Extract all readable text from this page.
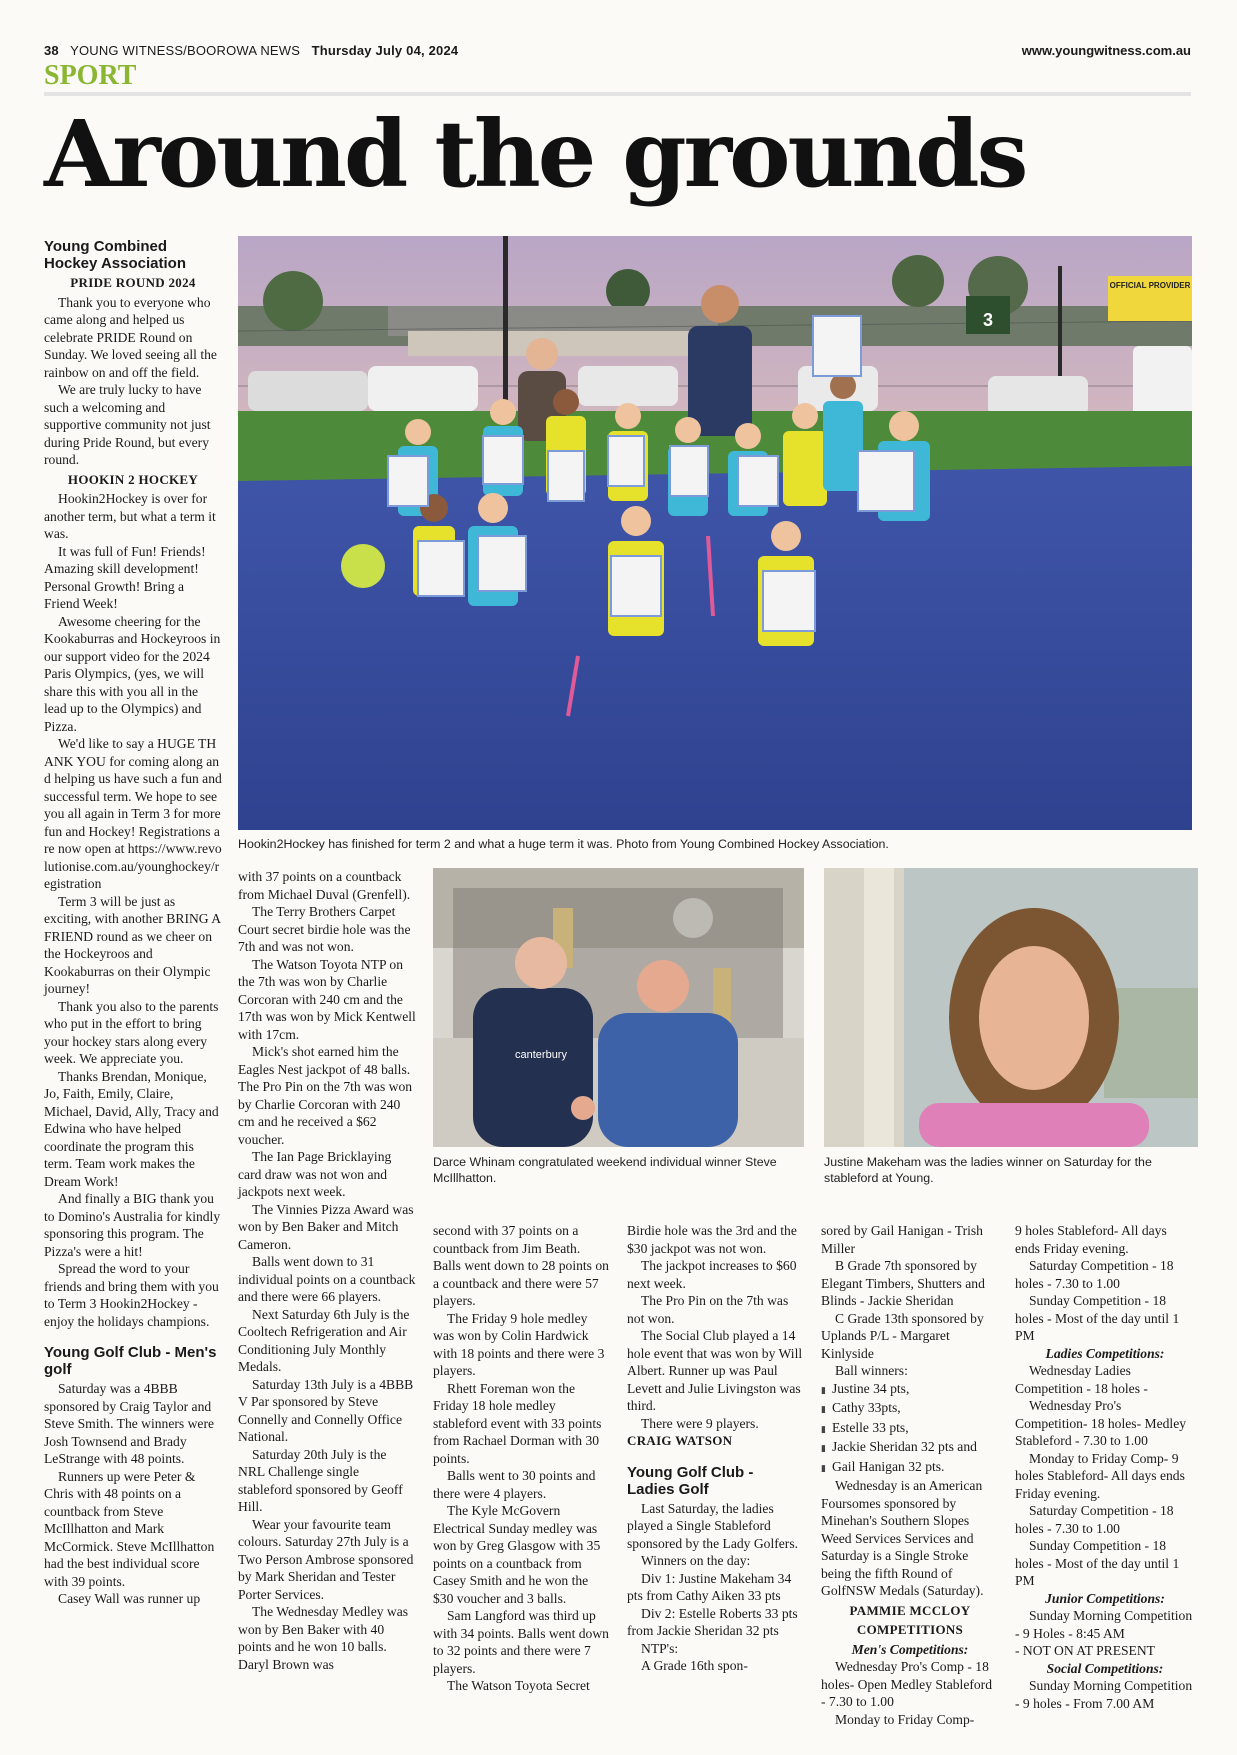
38 YOUNG WITNESS/BOOROWA NEWS Thursday July 04, 2024	www.youngwitness.com.au
SPORT
Around the grounds
3
OFFICIAL PROVIDER
Hookin2Hockey has finished for term 2 and what a huge term it was. Photo from Young Combined Hockey Association.
canterbury
Darce Whinam congratulated weekend individual winner Steve McIllhatton.
Justine Makeham was the ladies winner on Saturday for the stableford at Young.
Young Combined Hockey Association
PRIDE ROUND 2024

Thank you to everyone who came along and helped us celebrate PRIDE Round on Sunday. We loved seeing all the rainbow on and off the field.

We are truly lucky to have such a welcoming and supportive community not just during Pride Round, but every round.

HOOKIN 2 HOCKEY

Hookin2Hockey is over for another term, but what a term it was.

It was full of Fun! Friends! Amazing skill development! Personal Growth! Bring a Friend Week!

Awesome cheering for the Kookaburras and Hockeyroos in our support video for the 2024 Paris Olympics, (yes, we will share this with you all in the lead up to the Olympics) and Pizza.

We'd like to say a HUGE THANK YOU for coming along and helping us have such a fun and successful term. We hope to see you all again in Term 3 for more fun and Hockey! Registrations are now open at https://www.revolutionise.com.au/younghockey/registration

Term 3 will be just as exciting, with another BRING A FRIEND round as we cheer on the Hockeyroos and Kookaburras on their Olympic journey!

Thank you also to the parents who put in the effort to bring your hockey stars along every week. We appreciate you.

Thanks Brendan, Monique, Jo, Faith, Emily, Claire, Michael, David, Ally, Tracy and Edwina who have helped coordinate the program this term. Team work makes the Dream Work!

And finally a BIG thank you to Domino's Australia for kindly sponsoring this program. The Pizza's were a hit!

Spread the word to your friends and bring them with you to Term 3 Hookin2Hockey - enjoy the holidays champions.

Young Golf Club - Men's golf

Saturday was a 4BBB sponsored by Craig Taylor and Steve Smith. The winners were Josh Townsend and Brady LeStrange with 48 points.

Runners up were Peter & Chris with 48 points on a countback from Steve McIllhatton and Mark McCormick. Steve McIllhatton had the best individual score with 39 points.

Casey Wall was runner up

with 37 points on a countback from Michael Duval (Grenfell).

The Terry Brothers Carpet Court secret birdie hole was the 7th and was not won.

The Watson Toyota NTP on the 7th was won by Charlie Corcoran with 240 cm and the 17th was won by Mick Kentwell with 17cm.

Mick's shot earned him the Eagles Nest jackpot of 48 balls. The Pro Pin on the 7th was won by Charlie Corcoran with 240 cm and he received a $62 voucher.

The Ian Page Bricklaying card draw was not won and jackpots next week.

The Vinnies Pizza Award was won by Ben Baker and Mitch Cameron.

Balls went down to 31 individual points on a countback and there were 66 players.

Next Saturday 6th July is the Cooltech Refrigeration and Air Conditioning July Monthly Medals.

Saturday 13th July is a 4BBB V Par sponsored by Steve Connelly and Connelly Office National.

Saturday 20th July is the NRL Challenge single stableford sponsored by Geoff Hill.

Wear your favourite team colours. Saturday 27th July is a Two Person Ambrose sponsored by Mark Sheridan and Tester Porter Services.

The Wednesday Medley was won by Ben Baker with 40 points and he won 10 balls. Daryl Brown was

second with 37 points on a countback from Jim Beath. Balls went down to 28 points on a countback and there were 57 players.

The Friday 9 hole medley was won by Colin Hardwick with 18 points and there were 3 players.

Rhett Foreman won the Friday 18 hole medley stableford event with 33 points from Rachael Dorman with 30 points.

Balls went to 30 points and there were 4 players.

The Kyle McGovern Electrical Sunday medley was won by Greg Glasgow with 35 points on a countback from Casey Smith and he won the $30 voucher and 3 balls.

Sam Langford was third up with 34 points. Balls went down to 32 points and there were 7 players.

The Watson Toyota Secret

Birdie hole was the 3rd and the $30 jackpot was not won.

The jackpot increases to $60 next week.

The Pro Pin on the 7th was not won.

The Social Club played a 14 hole event that was won by Will Albert. Runner up was Paul Levett and Julie Livingston was third.

There were 9 players.

CRAIG WATSON
Young Golf Club - Ladies Golf

Last Saturday, the ladies played a Single Stableford sponsored by the Lady Golfers.

Winners on the day:

Div 1: Justine Makeham 34 pts from Cathy Aiken 33 pts

Div 2: Estelle Roberts 33 pts from Jackie Sheridan 32 pts

NTP's:

A Grade 16th spon-

sored by Gail Hanigan - Trish Miller

B Grade 7th sponsored by Elegant Timbers, Shutters and Blinds - Jackie Sheridan

C Grade 13th sponsored by Uplands P/L - Margaret Kinlyside

Ball winners:

▮ Justine 34 pts,

▮ Cathy 33pts,

▮ Estelle 33 pts,

▮ Jackie Sheridan 32 pts and

▮ Gail Hanigan 32 pts.

Wednesday is an American Foursomes sponsored by Minehan's Southern Slopes Weed Services Services and Saturday is a Single Stroke being the fifth Round of GolfNSW Medals (Saturday).

PAMMIE MCCLOY
COMPETITIONS
Men's Competitions:

Wednesday Pro's Comp - 18 holes- Open Medley Stableford - 7.30 to 1.00

Monday to Friday Comp-

9 holes Stableford- All days ends Friday evening.

Saturday Competition - 18 holes - 7.30 to 1.00

Sunday Competition - 18 holes - Most of the day until 1 PM

Ladies Competitions:

Wednesday Ladies Competition - 18 holes -

Wednesday Pro's Competition- 18 holes- Medley Stableford - 7.30 to 1.00

Monday to Friday Comp- 9 holes Stableford- All days ends Friday evening.

Saturday Competition - 18 holes - 7.30 to 1.00

Sunday Competition - 18 holes - Most of the day until 1 PM

Junior Competitions:

Sunday Morning Competition - 9 Holes - 8:45 AM

- NOT ON AT PRESENT

Social Competitions:

Sunday Morning Competition - 9 holes - From 7.00 AM
